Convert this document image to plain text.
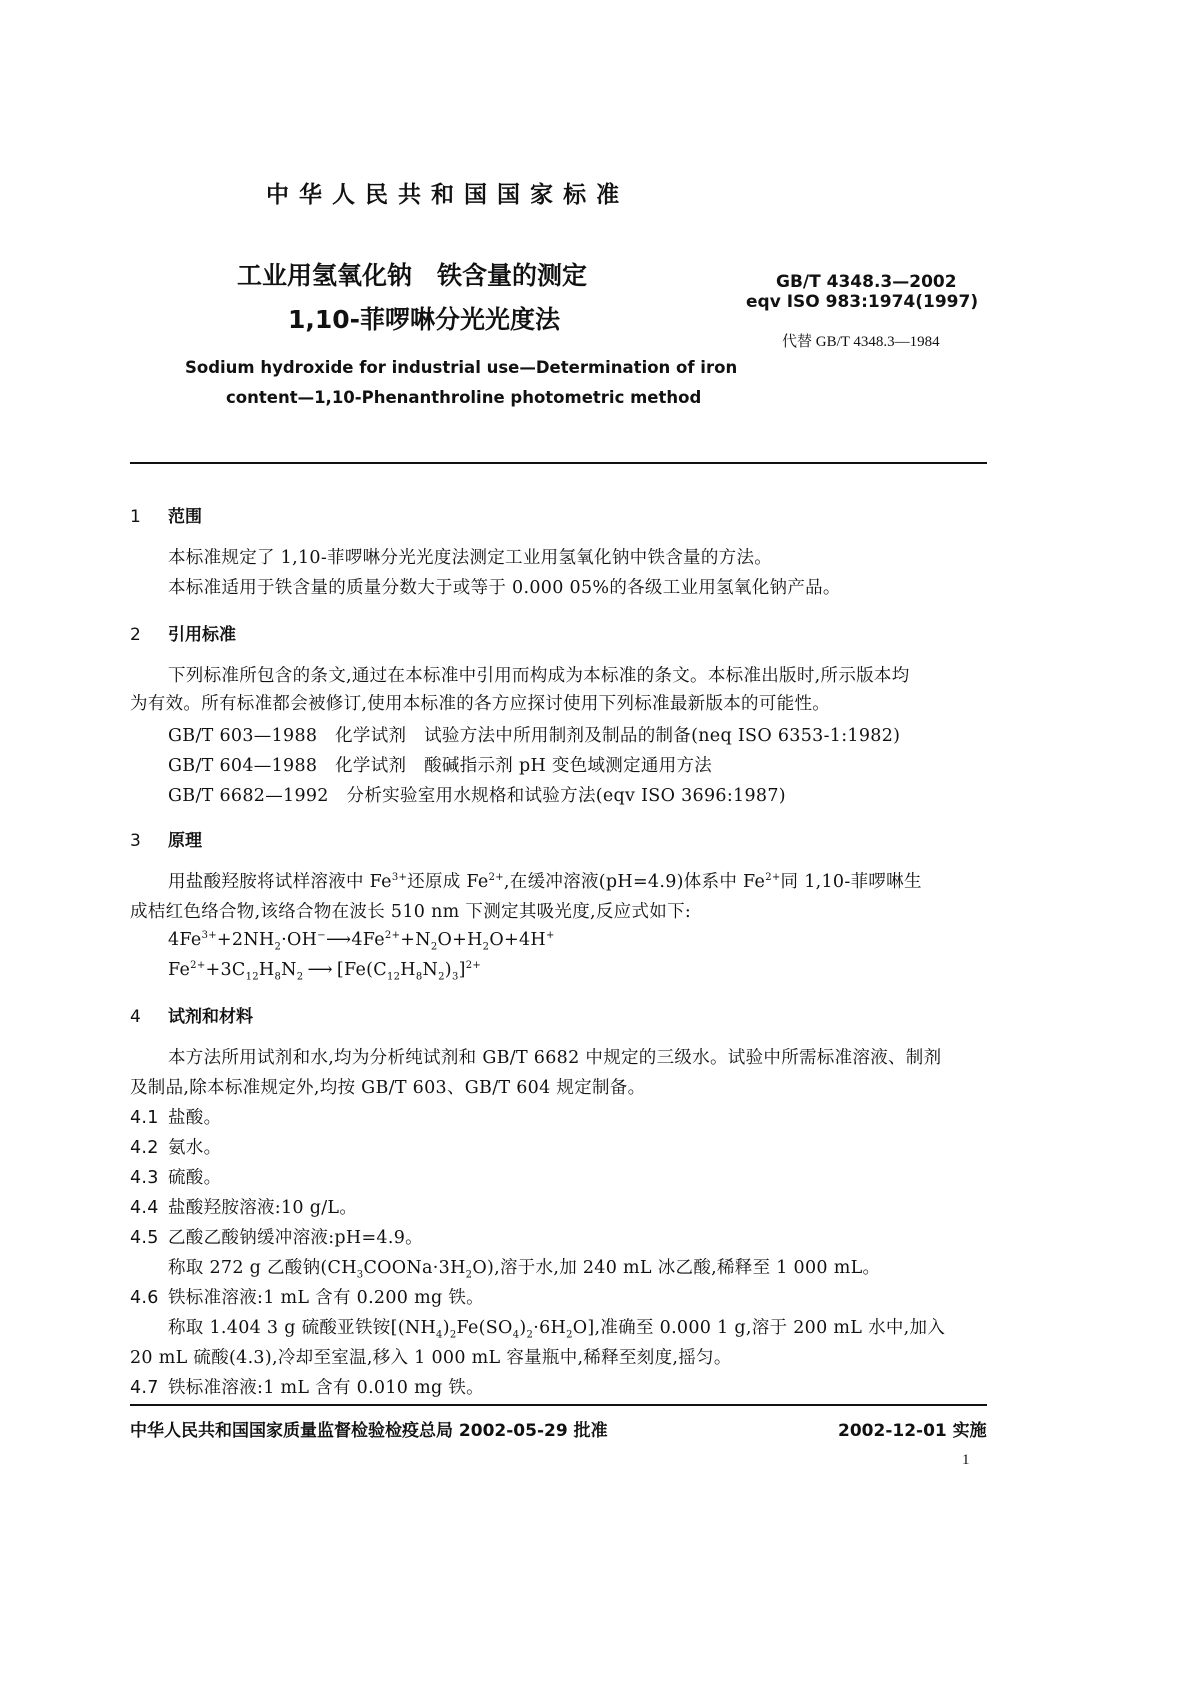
中 华 人 民 共 和 国 国 家 标 准
工业用氢氧化钠　铁含量的测定
1,10-菲啰啉分光光度法
GB/T 4348.3—2002
eqv ISO 983:1974(1997)
代替 GB/T 4348.3—1984
Sodium hydroxide for industrial use—Determination of iron
content—1,10-Phenanthroline photometric method
1 范围
本标准规定了 1,10-菲啰啉分光光度法测定工业用氢氧化钠中铁含量的方法。
本标准适用于铁含量的质量分数大于或等于 0.000 05%的各级工业用氢氧化钠产品。
2 引用标准
下列标准所包含的条文,通过在本标准中引用而构成为本标准的条文。本标准出版时,所示版本均
为有效。所有标准都会被修订,使用本标准的各方应探讨使用下列标准最新版本的可能性。
GB/T 603—1988　化学试剂　试验方法中所用制剂及制品的制备(neq ISO 6353-1:1982)
GB/T 604—1988　化学试剂　酸碱指示剂 pH 变色域测定通用方法
GB/T 6682—1992　分析实验室用水规格和试验方法(eqv ISO 3696:1987)
3 原理
用盐酸羟胺将试样溶液中 $Fe^{3+}$还原成 $Fe^{2+}$,在缓冲溶液(pH=4.9)体系中 $Fe^{2+}$同 1,10-菲啰啉生
成桔红色络合物,该络合物在波长 510 nm 下测定其吸光度,反应式如下:
$4Fe^{3+}+2NH_2\cdot OH^-⟶4Fe^{2+}+N_2O+H_2O+4H^+$
$Fe^{2+}+3C_{12}H_8N_2$ ⟶ $[Fe(C_{12}H_8N_2)_3]^{2+}$
4 试剂和材料
本方法所用试剂和水,均为分析纯试剂和 GB/T 6682 中规定的三级水。试验中所需标准溶液、制剂
及制品,除本标准规定外,均按 GB/T 603、GB/T 604 规定制备。
4.1 盐酸。
4.2 氨水。
4.3 硫酸。
4.4 盐酸羟胺溶液:10 g/L。
4.5 乙酸乙酸钠缓冲溶液:pH=4.9。
称取 272 g 乙酸钠$(CH_3COONa\cdot 3H_2O)$,溶于水,加 240 mL 冰乙酸,稀释至 1 000 mL。
4.6 铁标准溶液:1 mL 含有 0.200 mg 铁。
称取 1.404 3 g 硫酸亚铁铵$[(NH_4)_2Fe(SO_4)_2\cdot 6H_2O]$,准确至 0.000 1 g,溶于 200 mL 水中,加入
20 mL 硫酸(4.3),冷却至室温,移入 1 000 mL 容量瓶中,稀释至刻度,摇匀。
4.7 铁标准溶液:1 mL 含有 0.010 mg 铁。
中华人民共和国国家质量监督检验检疫总局 2002-05-29 批准	2002-12-01 实施
1
